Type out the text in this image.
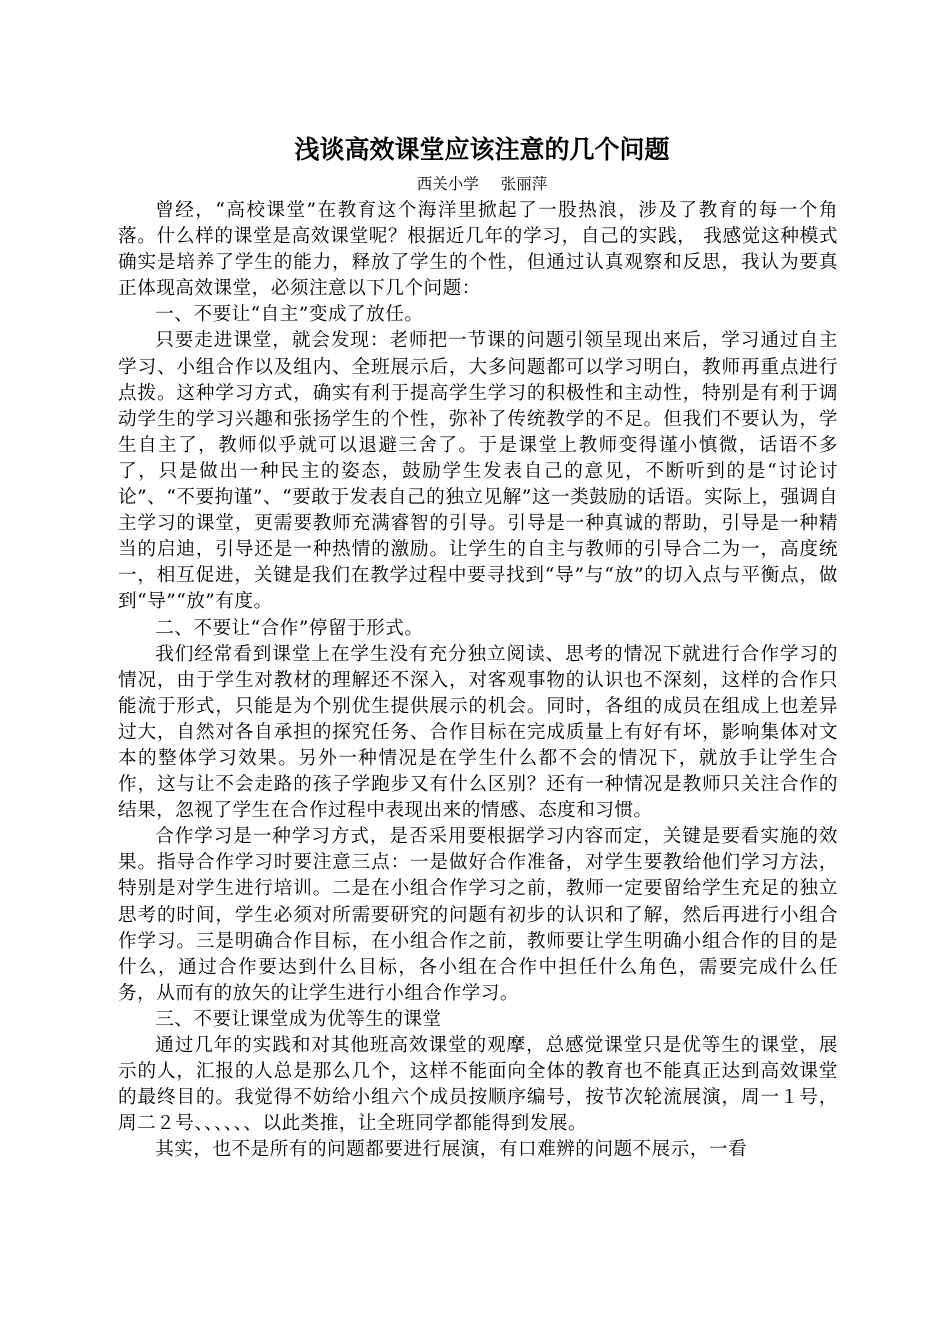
浅谈高效课堂应该注意的几个问题
西关小学 张丽萍

曾经，“高校课堂”在教育这个海洋里掀起了一股热浪，涉及了教育的每一个角落。什么样的课堂是高效课堂呢？根据近几年的学习，自己的实践， 我感觉这种模式确实是培养了学生的能力，释放了学生的个性，但通过认真观察和反思，我认为要真正体现高效课堂，必须注意以下几个问题：

一、不要让“自主”变成了放任。

只要走进课堂，就会发现：老师把一节课的问题引领呈现出来后，学习通过自主学习、小组合作以及组内、全班展示后，大多问题都可以学习明白，教师再重点进行点拨。这种学习方式，确实有利于提高学生学习的积极性和主动性，特别是有利于调动学生的学习兴趣和张扬学生的个性，弥补了传统教学的不足。但我们不要认为，学生自主了，教师似乎就可以退避三舍了。于是课堂上教师变得谨小慎微，话语不多了，只是做出一种民主的姿态，鼓励学生发表自己的意见，不断听到的是“讨论讨论”、“不要拘谨”、“要敢于发表自己的独立见解”这一类鼓励的话语。实际上，强调自主学习的课堂，更需要教师充满睿智的引导。引导是一种真诚的帮助，引导是一种精当的启迪，引导还是一种热情的激励。让学生的自主与教师的引导合二为一，高度统一，相互促进，关键是我们在教学过程中要寻找到“导”与“放”的切入点与平衡点，做到“导”“放”有度。

二、不要让“合作”停留于形式。

我们经常看到课堂上在学生没有充分独立阅读、思考的情况下就进行合作学习的情况，由于学生对教材的理解还不深入，对客观事物的认识也不深刻，这样的合作只能流于形式，只能是为个别优生提供展示的机会。同时，各组的成员在组成上也差异过大，自然对各自承担的探究任务、合作目标在完成质量上有好有坏，影响集体对文本的整体学习效果。另外一种情况是在学生什么都不会的情况下，就放手让学生合作，这与让不会走路的孩子学跑步又有什么区别？还有一种情况是教师只关注合作的结果，忽视了学生在合作过程中表现出来的情感、态度和习惯。

合作学习是一种学习方式，是否采用要根据学习内容而定，关键是要看实施的效果。指导合作学习时要注意三点：一是做好合作准备，对学生要教给他们学习方法，特别是对学生进行培训。二是在小组合作学习之前，教师一定要留给学生充足的独立思考的时间，学生必须对所需要研究的问题有初步的认识和了解，然后再进行小组合作学习。三是明确合作目标，在小组合作之前，教师要让学生明确小组合作的目的是什么，通过合作要达到什么目标，各小组在合作中担任什么角色，需要完成什么任务，从而有的放矢的让学生进行小组合作学习。

三、不要让课堂成为优等生的课堂

通过几年的实践和对其他班高效课堂的观摩，总感觉课堂只是优等生的课堂，展示的人，汇报的人总是那么几个，这样不能面向全体的教育也不能真正达到高效课堂的最终目的。我觉得不妨给小组六个成员按顺序编号，按节次轮流展演，周一１号，周二２号、、、、、、以此类推，让全班同学都能得到发展。

其实，也不是所有的问题都要进行展演，有口难辨的问题不展示，一看
